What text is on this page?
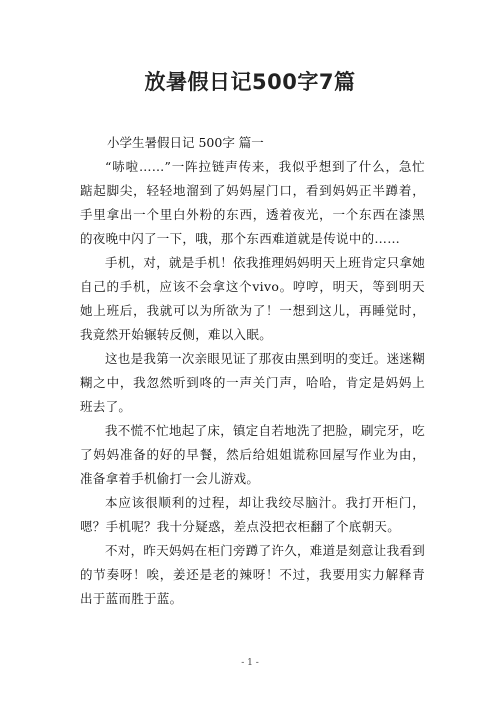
放暑假日记500字7篇

小学生暑假日记 500字 篇一

“哧啦……”一阵拉链声传来，我似乎想到了什么，急忙踮起脚尖，轻轻地溜到了妈妈屋门口，看到妈妈正半蹲着，手里拿出一个里白外粉的东西，透着夜光，一个东西在漆黑的夜晚中闪了一下，哦，那个东西难道就是传说中的……

手机，对，就是手机！依我推理妈妈明天上班肯定只拿她自己的手机，应该不会拿这个vivo。哼哼，明天，等到明天她上班后，我就可以为所欲为了！一想到这儿，再睡觉时，我竟然开始辗转反侧，难以入眠。

这也是我第一次亲眼见证了那夜由黑到明的变迁。迷迷糊糊之中，我忽然听到咚的一声关门声，哈哈，肯定是妈妈上班去了。

我不慌不忙地起了床，镇定自若地洗了把脸，刷完牙，吃了妈妈准备的好的早餐，然后给姐姐谎称回屋写作业为由，准备拿着手机偷打一会儿游戏。

本应该很顺利的过程，却让我绞尽脑汁。我打开柜门，嗯？手机呢？我十分疑惑，差点没把衣柜翻了个底朝天。

不对，昨天妈妈在柜门旁蹲了许久，难道是刻意让我看到的节奏呀！唉，姜还是老的辣呀！不过，我要用实力解释青出于蓝而胜于蓝。

- 1 -
